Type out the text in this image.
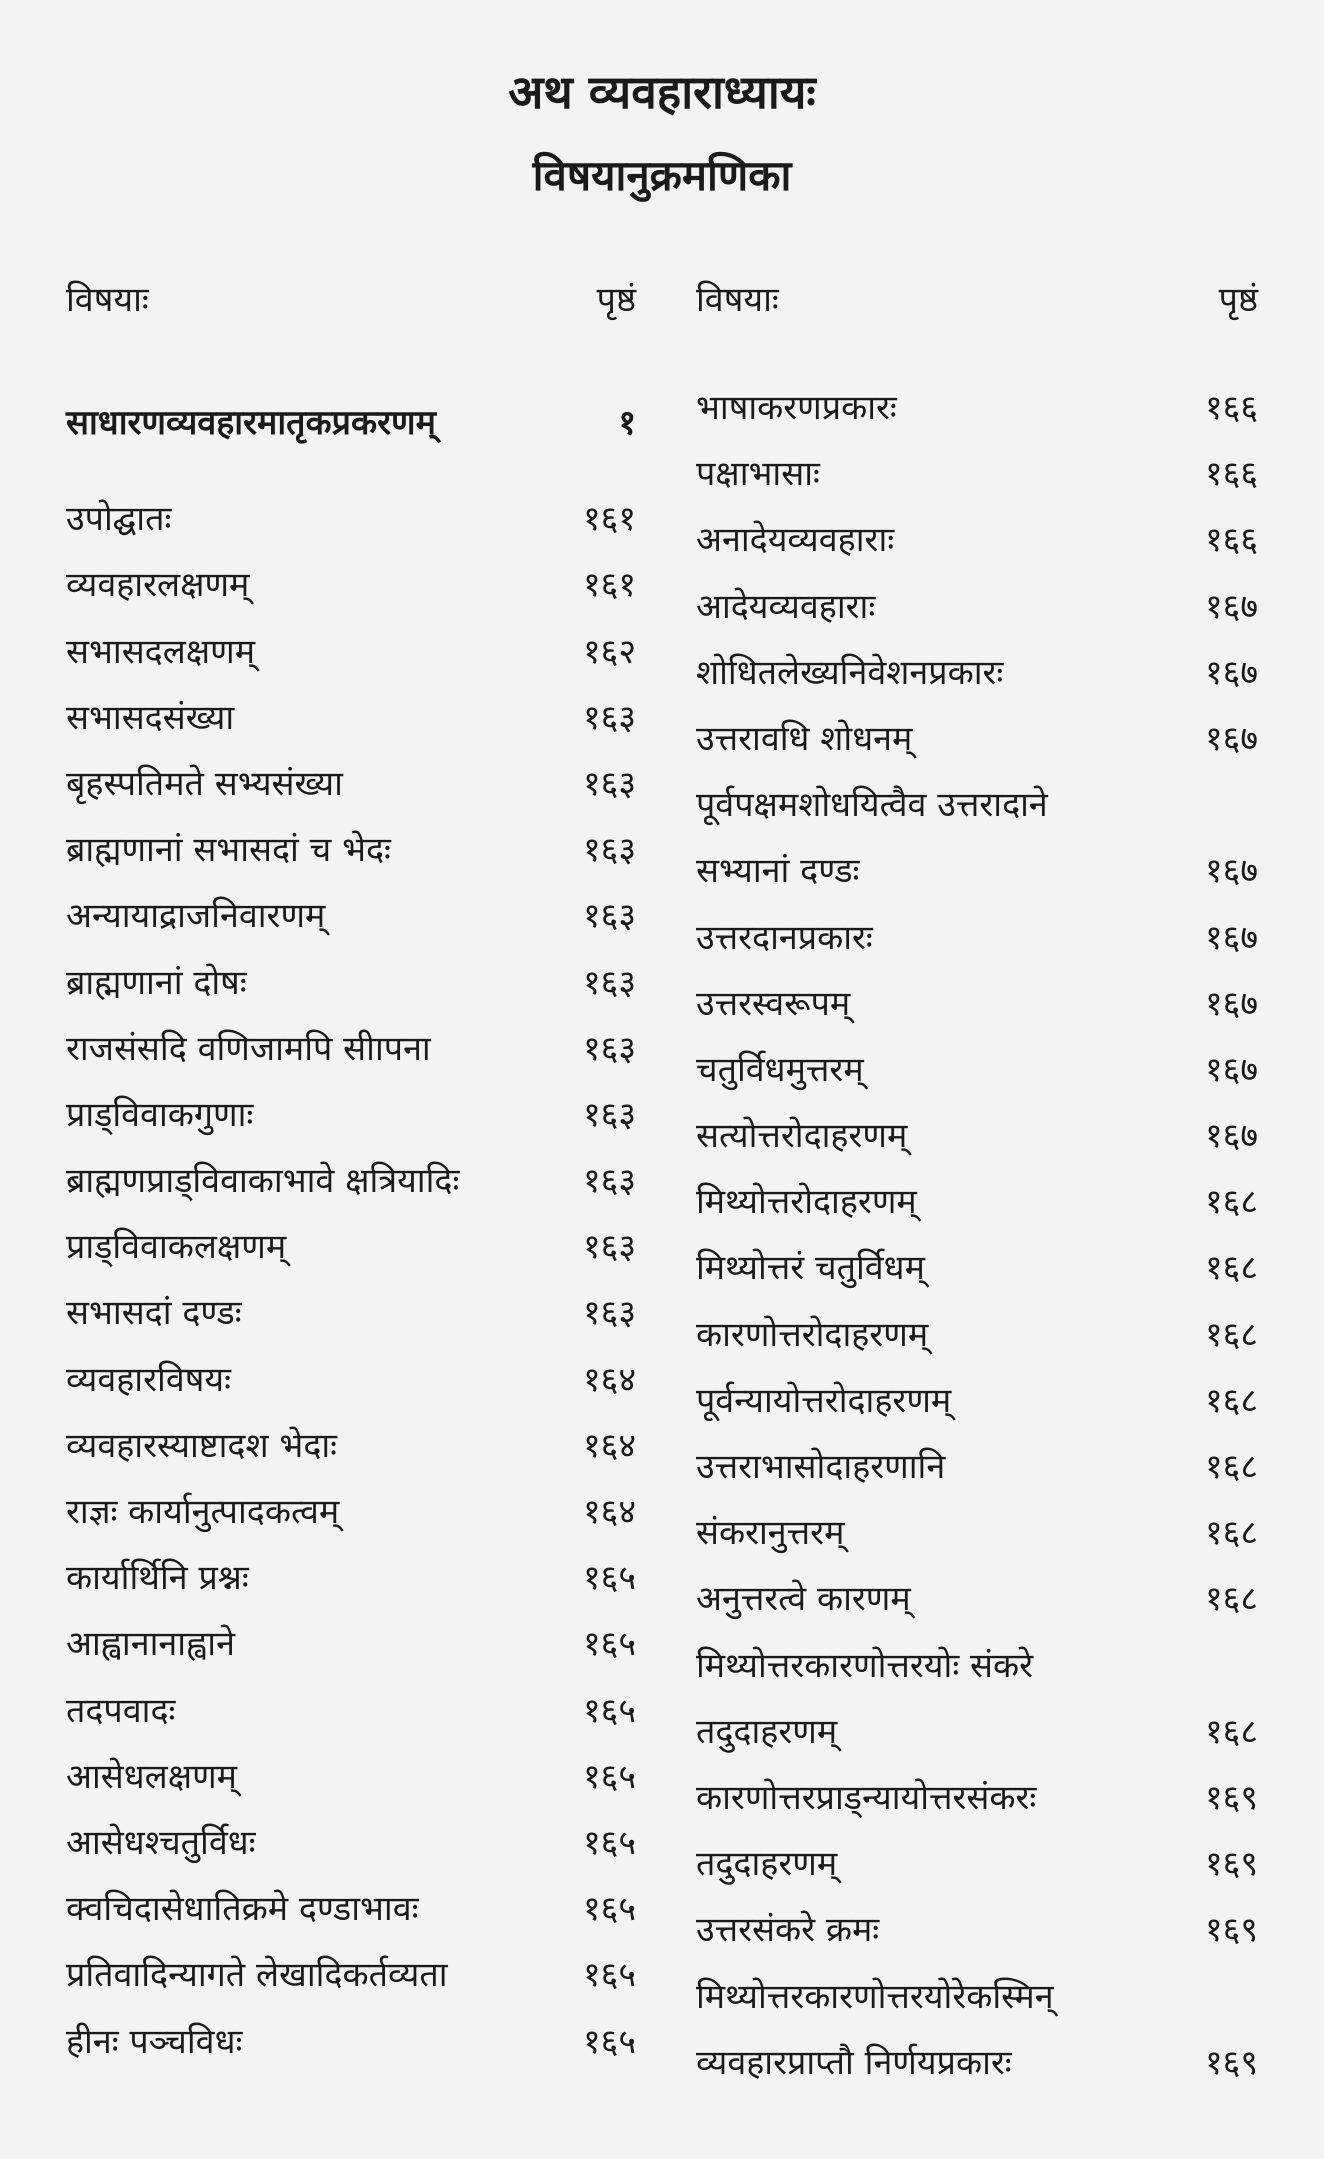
अथ व्यवहाराध्यायः
विषयानुक्रमणिका
विषयाः	पृष्ठं
साधारणव्यवहारमातृकप्रकरणम्	१
उपोद्घातः	१६१
व्यवहारलक्षणम्	१६१
सभासदलक्षणम्	१६२
सभासदसंख्या	१६३
बृहस्पतिमते सभ्यसंख्या	१६३
ब्राह्मणानां सभासदां च भेदः	१६३
अन्यायाद्राजनिवारणम्	१६३
ब्राह्मणानां दोषः	१६३
राजसंसदि वणिजामपि सीापना	१६३
प्राड्विवाकगुणाः	१६३
ब्राह्मणप्राड्विवाकाभावे क्षत्रियादिः	१६३
प्राड्विवाकलक्षणम्	१६३
सभासदां दण्डः	१६३
व्यवहारविषयः	१६४
व्यवहारस्याष्टादश भेदाः	१६४
राज्ञः कार्यानुत्पादकत्वम्	१६४
कार्यार्थिनि प्रश्नः	१६५
आह्वानानाह्वाने	१६५
तदपवादः	१६५
आसेधलक्षणम्	१६५
आसेधश्चतुर्विधः	१६५
क्वचिदासेधातिक्रमे दण्डाभावः	१६५
प्रतिवादिन्यागते लेखादिकर्तव्यता	१६५
हीनः पञ्चविधः	१६५
विषयाः	पृष्ठं
भाषाकरणप्रकारः	१६६
पक्षाभासाः	१६६
अनादेयव्यवहाराः	१६६
आदेयव्यवहाराः	१६७
शोधितलेख्यनिवेशनप्रकारः	१६७
उत्तरावधि शोधनम्	१६७
पूर्वपक्षमशोधयित्वैव उत्तरादाने
सभ्यानां दण्डः	१६७
उत्तरदानप्रकारः	१६७
उत्तरस्वरूपम्	१६७
चतुर्विधमुत्तरम्	१६७
सत्योत्तरोदाहरणम्	१६७
मिथ्योत्तरोदाहरणम्	१६८
मिथ्योत्तरं चतुर्विधम्	१६८
कारणोत्तरोदाहरणम्	१६८
पूर्वन्यायोत्तरोदाहरणम्	१६८
उत्तराभासोदाहरणानि	१६८
संकरानुत्तरम्	१६८
अनुत्तरत्वे कारणम्	१६८
मिथ्योत्तरकारणोत्तरयोः संकरे
तदुदाहरणम्	१६८
कारणोत्तरप्राड्न्यायोत्तरसंकरः	१६९
तदुदाहरणम्	१६९
उत्तरसंकरे क्रमः	१६९
मिथ्योत्तरकारणोत्तरयोरेकस्मिन्
व्यवहारप्राप्तौ निर्णयप्रकारः	१६९
